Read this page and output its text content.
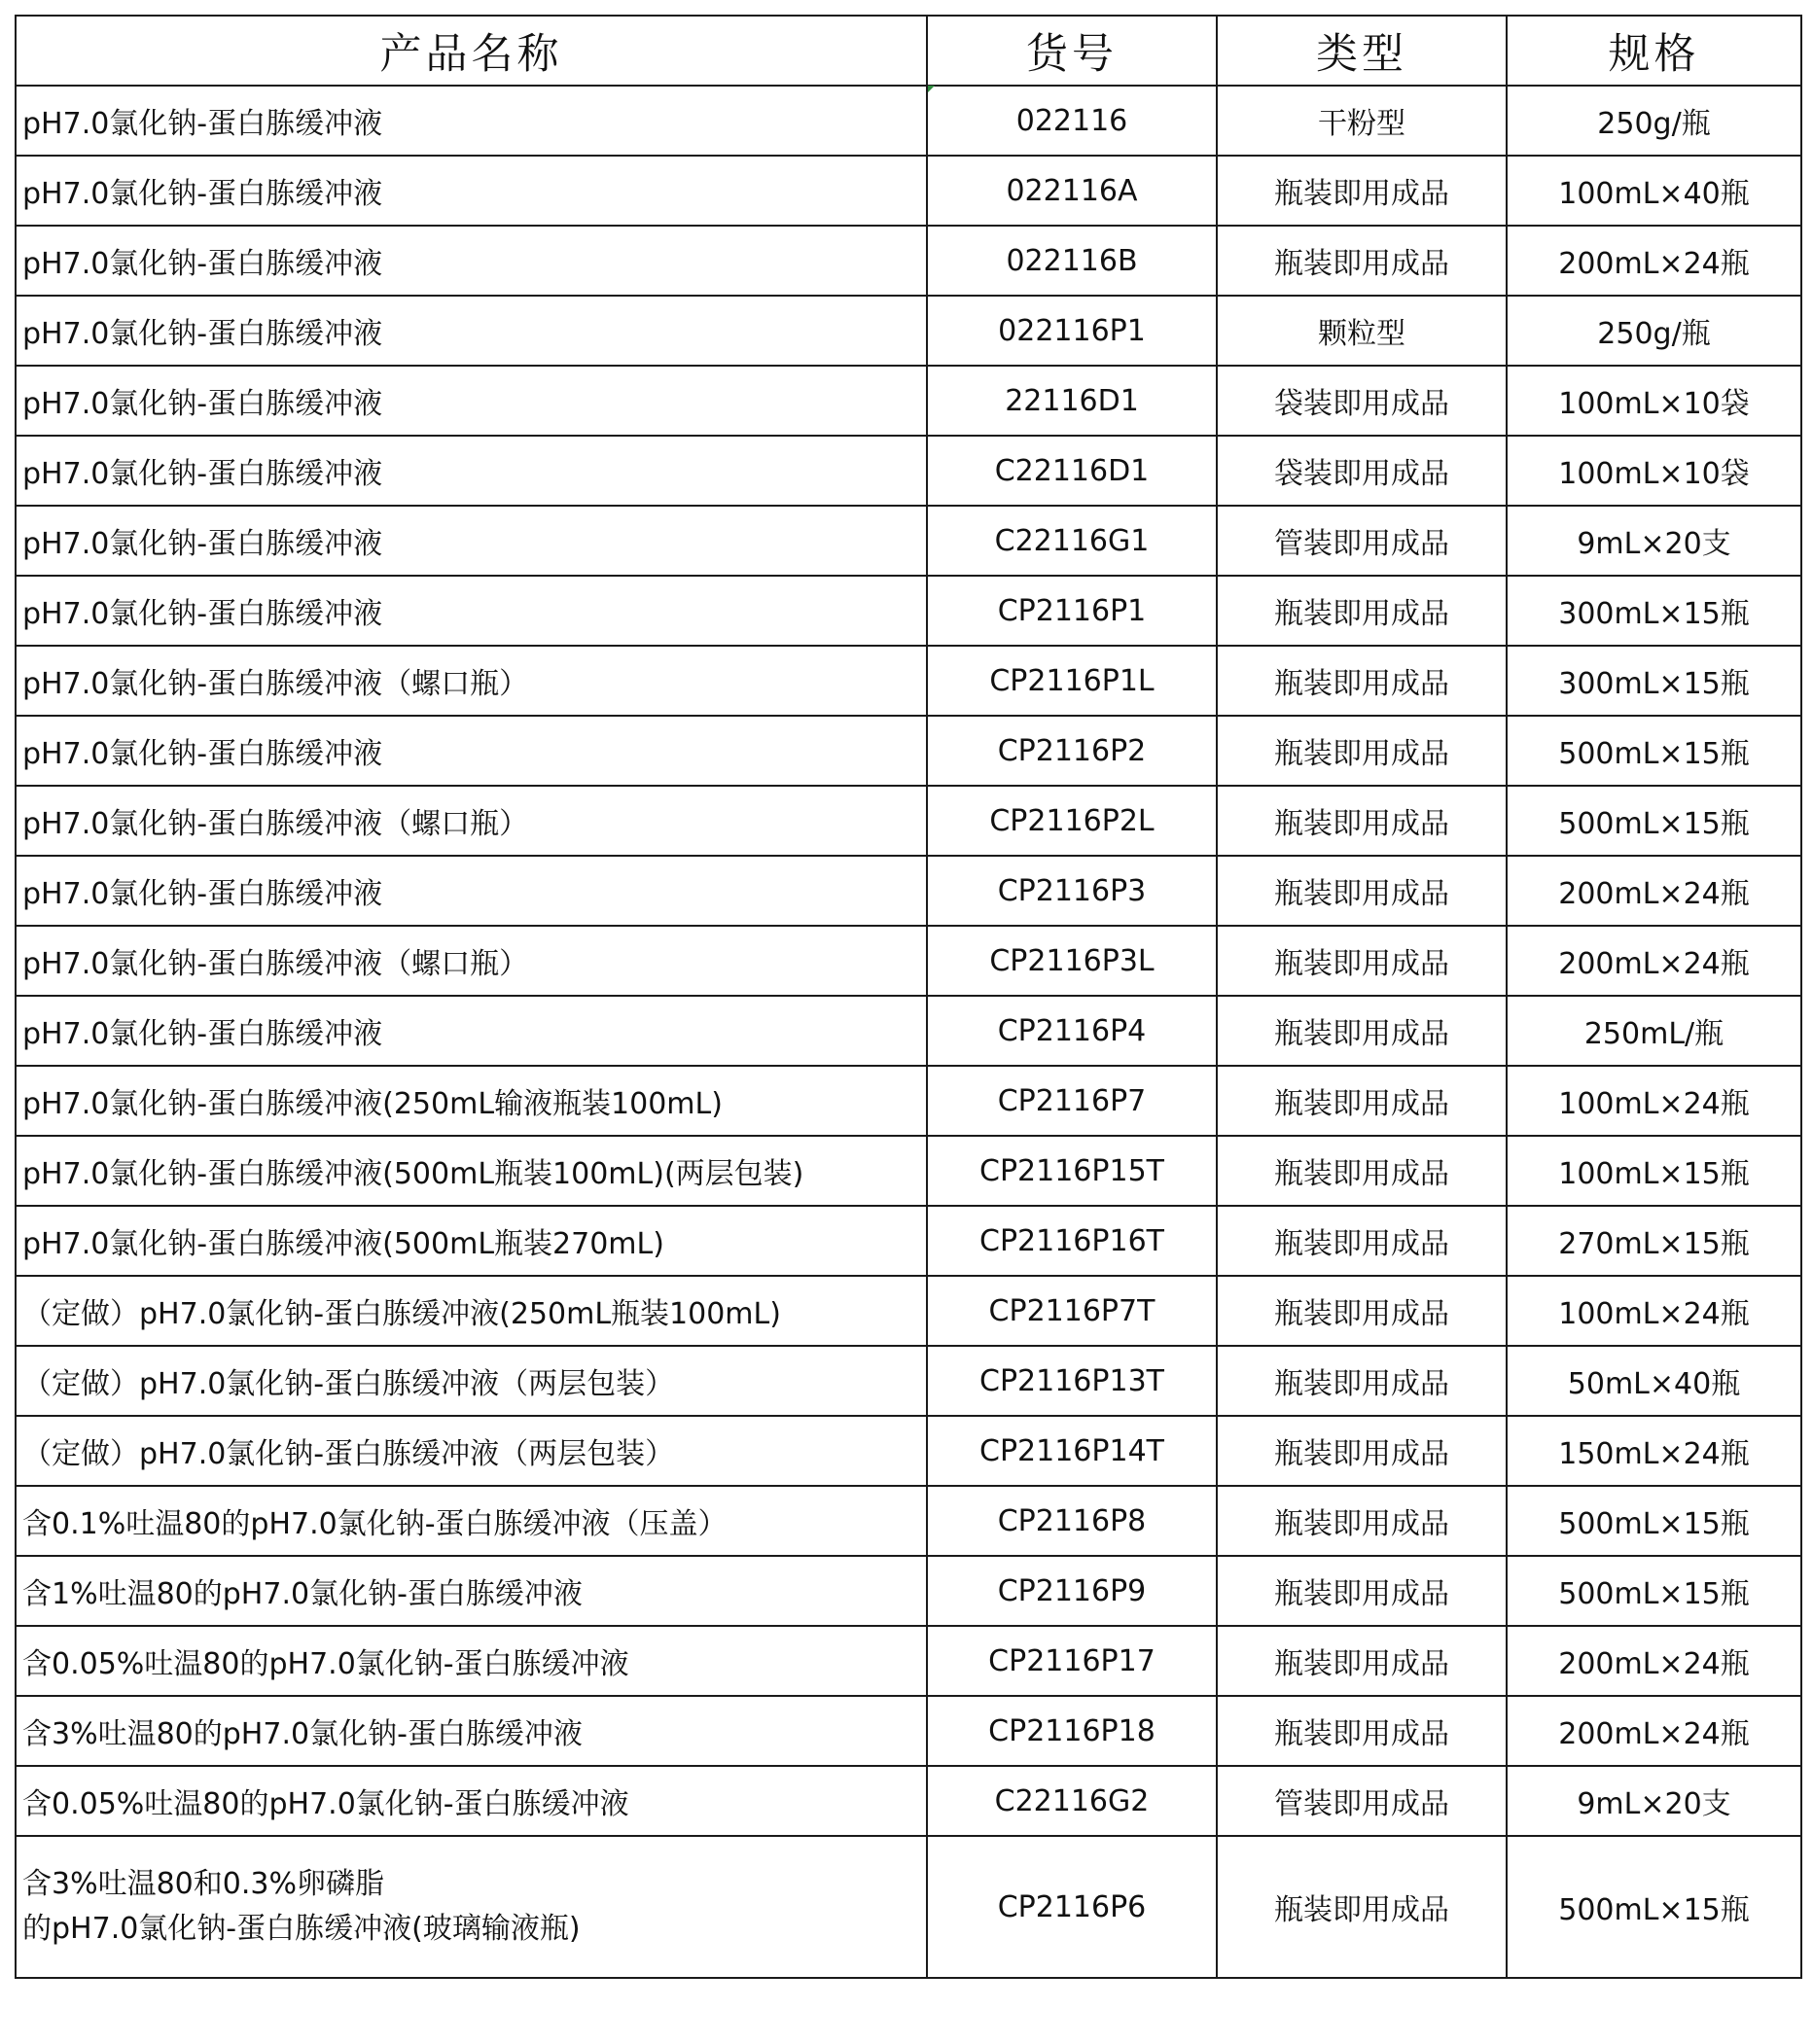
产品名称	货号	类型	规格
pH7.0氯化钠-蛋白胨缓冲液	022116	干粉型	250g/瓶
pH7.0氯化钠-蛋白胨缓冲液	022116A	瓶装即用成品	100mL×40瓶
pH7.0氯化钠-蛋白胨缓冲液	022116B	瓶装即用成品	200mL×24瓶
pH7.0氯化钠-蛋白胨缓冲液	022116P1	颗粒型	250g/瓶
pH7.0氯化钠-蛋白胨缓冲液	22116D1	袋装即用成品	100mL×10袋
pH7.0氯化钠-蛋白胨缓冲液	C22116D1	袋装即用成品	100mL×10袋
pH7.0氯化钠-蛋白胨缓冲液	C22116G1	管装即用成品	9mL×20支
pH7.0氯化钠-蛋白胨缓冲液	CP2116P1	瓶装即用成品	300mL×15瓶
pH7.0氯化钠-蛋白胨缓冲液（螺口瓶）	CP2116P1L	瓶装即用成品	300mL×15瓶
pH7.0氯化钠-蛋白胨缓冲液	CP2116P2	瓶装即用成品	500mL×15瓶
pH7.0氯化钠-蛋白胨缓冲液（螺口瓶）	CP2116P2L	瓶装即用成品	500mL×15瓶
pH7.0氯化钠-蛋白胨缓冲液	CP2116P3	瓶装即用成品	200mL×24瓶
pH7.0氯化钠-蛋白胨缓冲液（螺口瓶）	CP2116P3L	瓶装即用成品	200mL×24瓶
pH7.0氯化钠-蛋白胨缓冲液	CP2116P4	瓶装即用成品	250mL/瓶
pH7.0氯化钠-蛋白胨缓冲液(250mL输液瓶装100mL)	CP2116P7	瓶装即用成品	100mL×24瓶
pH7.0氯化钠-蛋白胨缓冲液(500mL瓶装100mL)(两层包装)	CP2116P15T	瓶装即用成品	100mL×15瓶
pH7.0氯化钠-蛋白胨缓冲液(500mL瓶装270mL)	CP2116P16T	瓶装即用成品	270mL×15瓶
（定做）pH7.0氯化钠-蛋白胨缓冲液(250mL瓶装100mL)	CP2116P7T	瓶装即用成品	100mL×24瓶
（定做）pH7.0氯化钠-蛋白胨缓冲液（两层包装）	CP2116P13T	瓶装即用成品	50mL×40瓶
（定做）pH7.0氯化钠-蛋白胨缓冲液（两层包装）	CP2116P14T	瓶装即用成品	150mL×24瓶
含0.1%吐温80的pH7.0氯化钠-蛋白胨缓冲液（压盖）	CP2116P8	瓶装即用成品	500mL×15瓶
含1%吐温80的pH7.0氯化钠-蛋白胨缓冲液	CP2116P9	瓶装即用成品	500mL×15瓶
含0.05%吐温80的pH7.0氯化钠-蛋白胨缓冲液	CP2116P17	瓶装即用成品	200mL×24瓶
含3%吐温80的pH7.0氯化钠-蛋白胨缓冲液	CP2116P18	瓶装即用成品	200mL×24瓶
含0.05%吐温80的pH7.0氯化钠-蛋白胨缓冲液	C22116G2	管装即用成品	9mL×20支

含3%吐温80和0.3%卵磷脂
的pH7.0氯化钠-蛋白胨缓冲液(玻璃输液瓶)	CP2116P6	瓶装即用成品	500mL×15瓶
